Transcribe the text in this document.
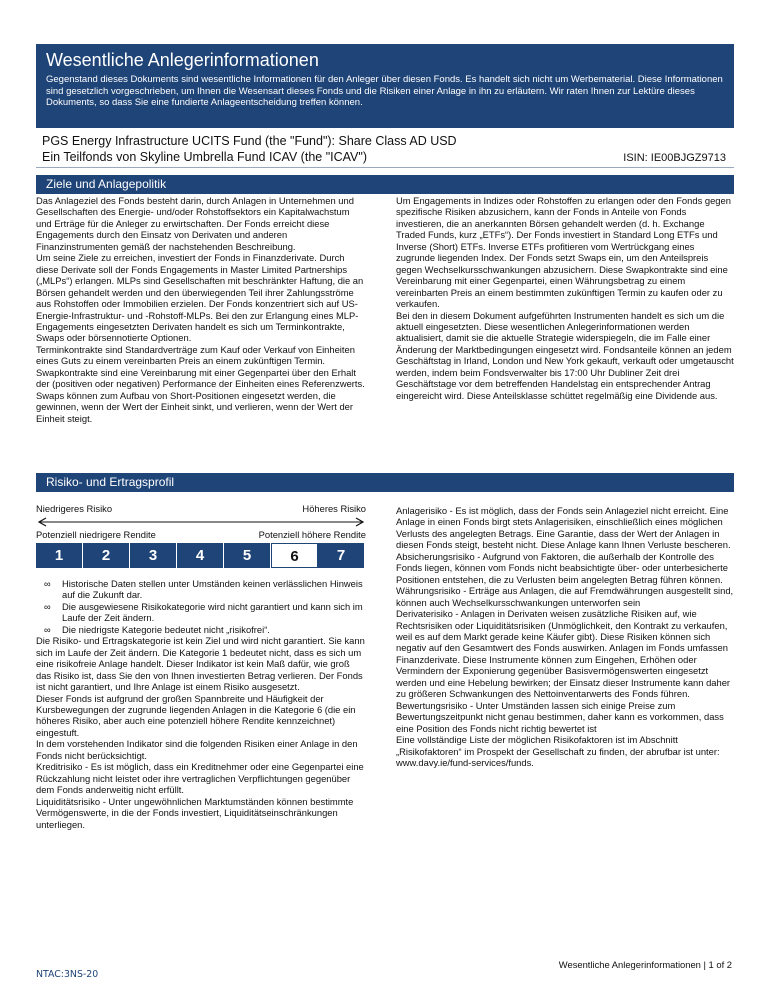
Wesentliche Anlegerinformationen
Gegenstand dieses Dokuments sind wesentliche Informationen für den Anleger über diesen Fonds. Es handelt sich nicht um Werbematerial. Diese Informationen sind gesetzlich vorgeschrieben, um Ihnen die Wesensart dieses Fonds und die Risiken einer Anlage in ihn zu erläutern. Wir raten Ihnen zur Lektüre dieses Dokuments, so dass Sie eine fundierte Anlageentscheidung treffen können.
PGS Energy Infrastructure UCITS Fund (the "Fund"): Share Class AD USD
Ein Teilfonds von Skyline Umbrella Fund ICAV (the "ICAV")	ISIN: IE00BJGZ9713
Ziele und Anlagepolitik

Das Anlageziel des Fonds besteht darin, durch Anlagen in Unternehmen und Gesellschaften des Energie- und/oder Rohstoffsektors ein Kapitalwachstum und Erträge für die Anleger zu erwirtschaften. Der Fonds erreicht diese Engagements durch den Einsatz von Derivaten und anderen Finanzinstrumenten gemäß der nachstehenden Beschreibung.

Um seine Ziele zu erreichen, investiert der Fonds in Finanzderivate. Durch diese Derivate soll der Fonds Engagements in Master Limited Partnerships („MLPs“) erlangen. MLPs sind Gesellschaften mit beschränkter Haftung, die an Börsen gehandelt werden und den überwiegenden Teil ihrer Zahlungsströme aus Rohstoffen oder Immobilien erzielen. Der Fonds konzentriert sich auf US-Energie-Infrastruktur- und -Rohstoff-MLPs. Bei den zur Erlangung eines MLP-Engagements eingesetzten Derivaten handelt es sich um Terminkontrakte, Swaps oder börsennotierte Optionen.

Terminkontrakte sind Standardverträge zum Kauf oder Verkauf von Einheiten eines Guts zu einem vereinbarten Preis an einem zukünftigen Termin. Swapkontrakte sind eine Vereinbarung mit einer Gegenpartei über den Erhalt der (positiven oder negativen) Performance der Einheiten eines Referenzwerts. Swaps können zum Aufbau von Short-Positionen eingesetzt werden, die gewinnen, wenn der Wert der Einheit sinkt, und verlieren, wenn der Wert der Einheit steigt.

Um Engagements in Indizes oder Rohstoffen zu erlangen oder den Fonds gegen spezifische Risiken abzusichern, kann der Fonds in Anteile von Fonds investieren, die an anerkannten Börsen gehandelt werden (d. h. Exchange Traded Funds, kurz „ETFs“). Der Fonds investiert in Standard Long ETFs und Inverse (Short) ETFs. Inverse ETFs profitieren vom Wertrückgang eines zugrunde liegenden Index. Der Fonds setzt Swaps ein, um den Anteilspreis gegen Wechselkursschwankungen abzusichern. Diese Swapkontrakte sind eine Vereinbarung mit einer Gegenpartei, einen Währungsbetrag zu einem vereinbarten Preis an einem bestimmten zukünftigen Termin zu kaufen oder zu verkaufen.

Bei den in diesem Dokument aufgeführten Instrumenten handelt es sich um die aktuell eingesetzten. Diese wesentlichen Anlegerinformationen werden aktualisiert, damit sie die aktuelle Strategie widerspiegeln, die im Falle einer Änderung der Marktbedingungen eingesetzt wird. Fondsanteile können an jedem Geschäftstag in Irland, London und New York gekauft, verkauft oder umgetauscht werden, indem beim Fondsverwalter bis 17:00 Uhr Dubliner Zeit drei Geschäftstage vor dem betreffenden Handelstag ein entsprechender Antrag eingereicht wird. Diese Anteilsklasse schüttet regelmäßig eine Dividende aus.

Risiko- und Ertragsprofil
Niedrigeres Risiko	Höheres Risiko
Potenziell niedrigere Rendite	Potenziell höhere Rendite
1	2	3	4	5	6	7
∞	Historische Daten stellen unter Umständen keinen verlässlichen Hinweis auf die Zukunft dar.
∞	Die ausgewiesene Risikokategorie wird nicht garantiert und kann sich im Laufe der Zeit ändern.
∞	Die niedrigste Kategorie bedeutet nicht „risikofrei“.

Die Risiko- und Ertragskategorie ist kein Ziel und wird nicht garantiert. Sie kann sich im Laufe der Zeit ändern. Die Kategorie 1 bedeutet nicht, dass es sich um eine risikofreie Anlage handelt. Dieser Indikator ist kein Maß dafür, wie groß das Risiko ist, dass Sie den von Ihnen investierten Betrag verlieren. Der Fonds ist nicht garantiert, und Ihre Anlage ist einem Risiko ausgesetzt.

Dieser Fonds ist aufgrund der großen Spannbreite und Häufigkeit der Kursbewegungen der zugrunde liegenden Anlagen in die Kategorie 6 (die ein höheres Risiko, aber auch eine potenziell höhere Rendite kennzeichnet) eingestuft.

In dem vorstehenden Indikator sind die folgenden Risiken einer Anlage in den Fonds nicht berücksichtigt.

Kreditrisiko - Es ist möglich, dass ein Kreditnehmer oder eine Gegenpartei eine Rückzahlung nicht leistet oder ihre vertraglichen Verpflichtungen gegenüber dem Fonds anderweitig nicht erfüllt.

Liquiditätsrisiko - Unter ungewöhnlichen Marktumständen können bestimmte Vermögenswerte, in die der Fonds investiert, Liquiditätseinschränkungen unterliegen.

Anlagerisiko - Es ist möglich, dass der Fonds sein Anlageziel nicht erreicht. Eine Anlage in einen Fonds birgt stets Anlagerisiken, einschließlich eines möglichen Verlusts des angelegten Betrags. Eine Garantie, dass der Wert der Anlagen in diesen Fonds steigt, besteht nicht. Diese Anlage kann Ihnen Verluste bescheren.

Absicherungsrisiko - Aufgrund von Faktoren, die außerhalb der Kontrolle des Fonds liegen, können vom Fonds nicht beabsichtigte über- oder unterbesicherte Positionen entstehen, die zu Verlusten beim angelegten Betrag führen können.

Währungsrisiko - Erträge aus Anlagen, die auf Fremdwährungen ausgestellt sind, können auch Wechselkursschwankungen unterworfen sein

Derivaterisiko - Anlagen in Derivaten weisen zusätzliche Risiken auf, wie Rechtsrisiken oder Liquiditätsrisiken (Unmöglichkeit, den Kontrakt zu verkaufen, weil es auf dem Markt gerade keine Käufer gibt). Diese Risiken können sich negativ auf den Gesamtwert des Fonds auswirken. Anlagen im Fonds umfassen Finanzderivate. Diese Instrumente können zum Eingehen, Erhöhen oder Vermindern der Exponierung gegenüber Basisvermögenswerten eingesetzt werden und eine Hebelung bewirken; der Einsatz dieser Instrumente kann daher zu größeren Schwankungen des Nettoinventarwerts des Fonds führen.

Bewertungsrisiko - Unter Umständen lassen sich einige Preise zum Bewertungszeitpunkt nicht genau bestimmen, daher kann es vorkommen, dass eine Position des Fonds nicht richtig bewertet ist

Eine vollständige Liste der möglichen Risikofaktoren ist im Abschnitt „Risikofaktoren“ im Prospekt der Gesellschaft zu finden, der abrufbar ist unter: www.davy.ie/fund-services/funds.

Wesentliche Anlegerinformationen | 1 of 2
NTAC:3NS-20
